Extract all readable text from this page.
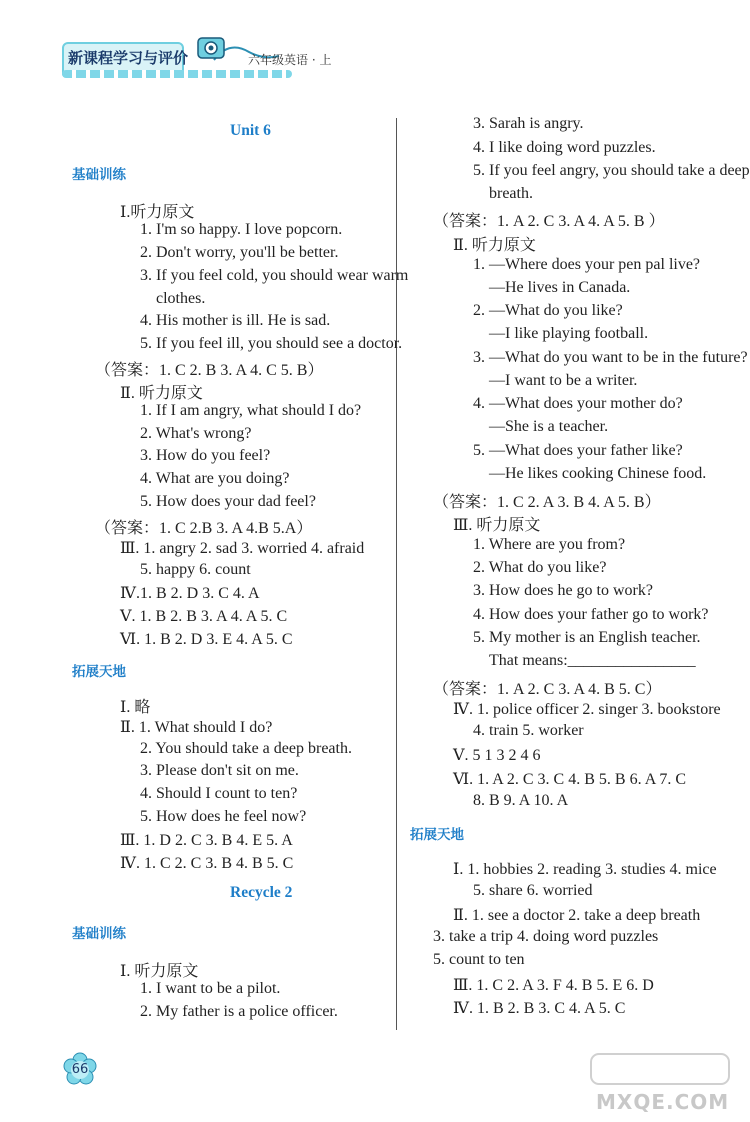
新课程学习与评价	六年级英语 · 上
Unit 6
基础训练
Ⅰ.听力原文
1. I'm so happy. I love popcorn.
2. Don't worry, you'll be better.
3. If you feel cold, you should wear warm
clothes.
4. His mother is ill. He is sad.
5. If you feel ill, you should see a doctor.
（答案：1. C 2. B 3. A 4. C 5. B）
Ⅱ. 听力原文
1. If I am angry, what should I do?
2. What's wrong?
3. How do you feel?
4. What are you doing?
5. How does your dad feel?
（答案：1. C 2.B 3. A 4.B 5.A）
Ⅲ. 1. angry 2. sad 3. worried 4. afraid
5. happy 6. count
Ⅳ.1. B 2. D 3. C 4. A
Ⅴ. 1. B 2. B 3. A 4. A 5. C
Ⅵ. 1. B 2. D 3. E 4. A 5. C
拓展天地
Ⅰ. 略
Ⅱ. 1. What should I do?
2. You should take a deep breath.
3. Please don't sit on me.
4. Should I count to ten?
5. How does he feel now?
Ⅲ. 1. D 2. C 3. B 4. E 5. A
Ⅳ. 1. C 2. C 3. B 4. B 5. C
Recycle 2
基础训练
Ⅰ. 听力原文
1. I want to be a pilot.
2. My father is a police officer.
3. Sarah is angry.
4. I like doing word puzzles.
5. If you feel angry, you should take a deep
breath.
（答案：1. A 2. C 3. A 4. A 5. B ）
Ⅱ. 听力原文
1. —Where does your pen pal live?
—He lives in Canada.
2. —What do you like?
—I like playing football.
3. —What do you want to be in the future?
—I want to be a writer.
4. —What does your mother do?
—She is a teacher.
5. —What does your father like?
—He likes cooking Chinese food.
（答案：1. C 2. A 3. B 4. A 5. B）
Ⅲ. 听力原文
1. Where are you from?
2. What do you like?
3. How does he go to work?
4. How does your father go to work?
5. My mother is an English teacher.
That means:________________
（答案：1. A 2. C 3. A 4. B 5. C）
Ⅳ. 1. police officer 2. singer 3. bookstore
4. train 5. worker
Ⅴ. 5 1 3 2 4 6
Ⅵ. 1. A 2. C 3. C 4. B 5. B 6. A 7. C
8. B 9. A 10. A
拓展天地
Ⅰ. 1. hobbies 2. reading 3. studies 4. mice
5. share 6. worried
Ⅱ. 1. see a doctor 2. take a deep breath
3. take a trip 4. doing word puzzles
5. count to ten
Ⅲ. 1. C 2. A 3. F 4. B 5. E 6. D
Ⅳ. 1. B 2. B 3. C 4. A 5. C
66
MXQE.COM
